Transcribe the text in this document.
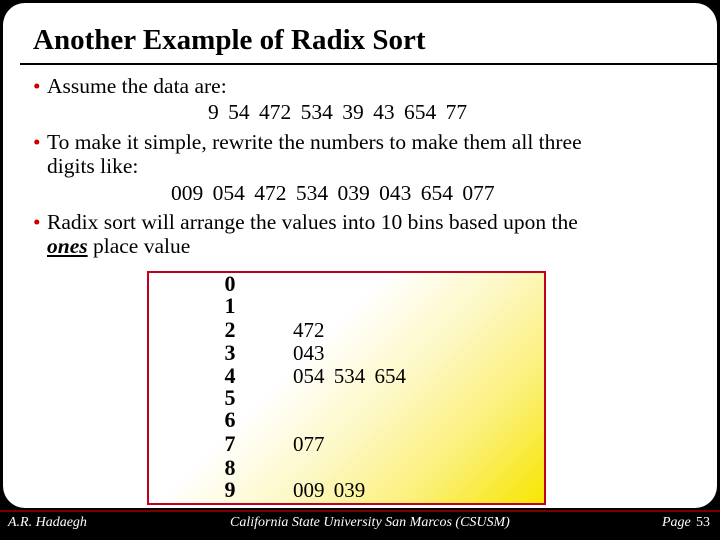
Another Example of Radix Sort
• Assume the data are:
9 54 472 534 39 43 654 77
• To make it simple, rewrite the numbers to make them all three
digits like:
009 054 472 534 039 043 654 077
• Radix sort will arrange the values into 10 bins based upon the
ones place value
0
1
2
3
4
5
6
7
8
9
472
043
054 534 654
077
009 039
A.R. Hadaegh	California State University San Marcos (CSUSM)	Page 53
